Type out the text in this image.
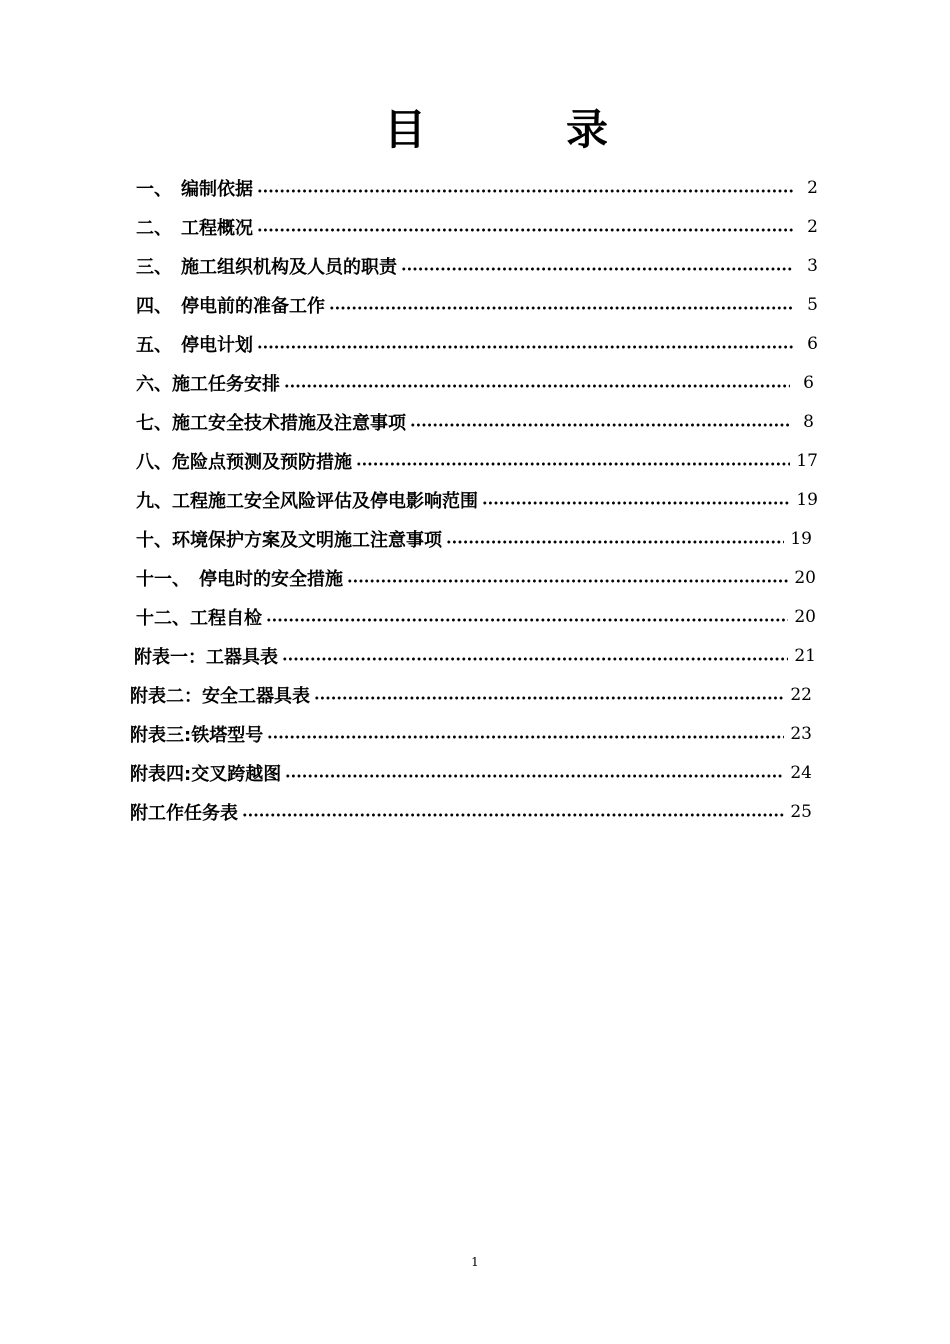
目	录
一、　编制依据	2
二、　工程概况	2
三、　施工组织机构及人员的职责	3
四、　停电前的准备工作	5
五、　停电计划	6
六、施工任务安排	6
七、施工安全技术措施及注意事项	8
八、危险点预测及预防措施	17
九、工程施工安全风险评估及停电影响范围	19
十、环境保护方案及文明施工注意事项	19
十一、　停电时的安全措施	20
十二、工程自检	20
附表一：工器具表	21
附表二：安全工器具表	22
附表三:铁塔型号	23
附表四:交叉跨越图	24
附工作任务表	25
1
